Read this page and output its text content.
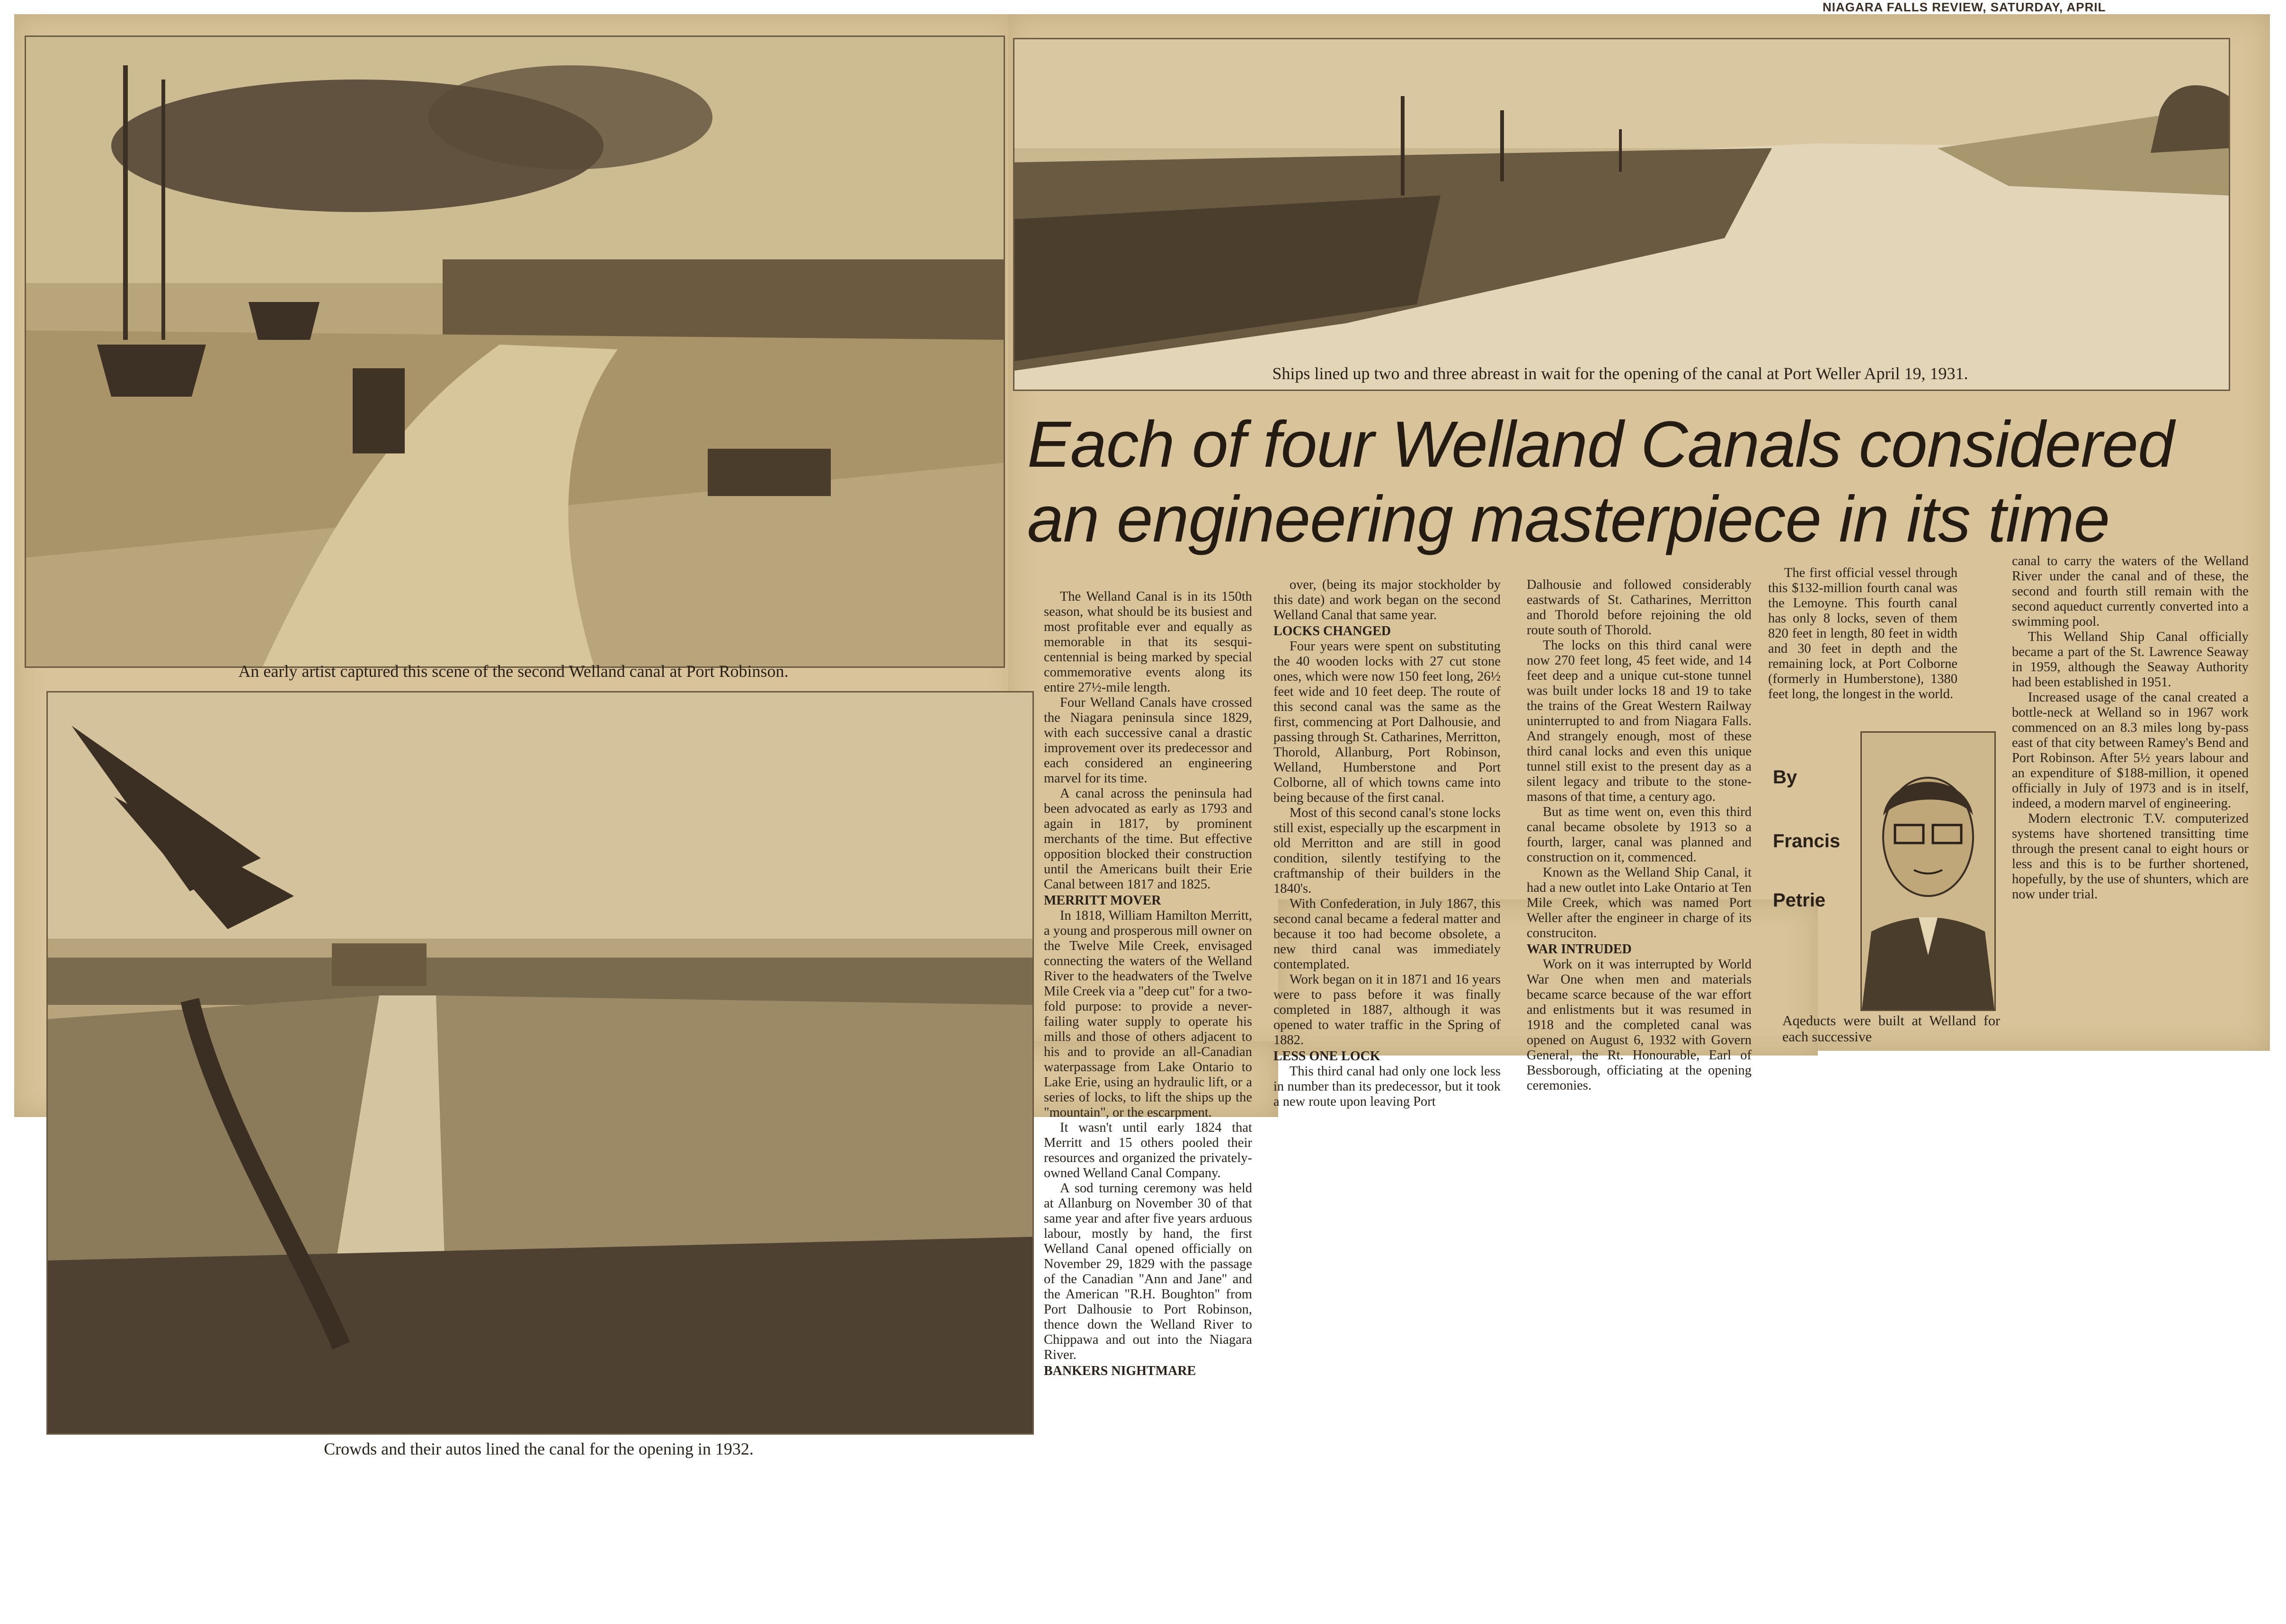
NIAGARA FALLS REVIEW, SATURDAY, APRIL
An early artist captured this scene of the second Welland canal at Port Robinson.
Ships lined up two and three abreast in wait for the opening of the canal at Port Weller April 19, 1931.
Each of four Welland Canals considered
an engineering masterpiece in its time
Crowds and their autos lined the canal for the opening in 1932.

The Welland Canal is in its 150th season, what should be its busiest and most profitable ever and equally as memorable in that its sesqui-centennial is being marked by special commemorative events along its entire 27½-mile length.

Four Welland Canals have crossed the Niagara peninsula since 1829, with each successive canal a drastic improvement over its predecessor and each considered an engineering marvel for its time.

A canal across the peninsula had been advocated as early as 1793 and again in 1817, by prominent merchants of the time. But effective opposition blocked their construction until the Americans built their Erie Canal between 1817 and 1825.

MERRITT MOVER

In 1818, William Hamilton Merritt, a young and prosperous mill owner on the Twelve Mile Creek, envisaged connecting the waters of the Welland River to the headwaters of the Twelve Mile Creek via a "deep cut" for a two-fold purpose: to provide a never-failing water supply to operate his mills and those of others adjacent to his and to provide an all-Canadian waterpassage from Lake Ontario to Lake Erie, using an hydraulic lift, or a series of locks, to lift the ships up the "mountain", or the escarpment.

It wasn't until early 1824 that Merritt and 15 others pooled their resources and organized the privately-owned Welland Canal Company.

A sod turning ceremony was held at Allanburg on November 30 of that same year and after five years arduous labour, mostly by hand, the first Welland Canal opened officially on November 29, 1829 with the passage of the Canadian "Ann and Jane" and the American "R.H. Boughton" from Port Dalhousie to Port Robinson, thence down the Welland River to Chippawa and out into the Niagara River.

BANKERS NIGHTMARE

over, (being its major stockholder by this date) and work began on the second Welland Canal that same year.

LOCKS CHANGED

Four years were spent on substituting the 40 wooden locks with 27 cut stone ones, which were now 150 feet long, 26½ feet wide and 10 feet deep. The route of this second canal was the same as the first, commencing at Port Dalhousie, and passing through St. Catharines, Merritton, Thorold, Allanburg, Port Robinson, Welland, Humberstone and Port Colborne, all of which towns came into being because of the first canal.

Most of this second canal's stone locks still exist, especially up the escarpment in old Merritton and are still in good condition, silently testifying to the craftmanship of their builders in the 1840's.

With Confederation, in July 1867, this second canal became a federal matter and because it too had become obsolete, a new third canal was immediately contemplated.

Work began on it in 1871 and 16 years were to pass before it was finally completed in 1887, although it was opened to water traffic in the Spring of 1882.

LESS ONE LOCK

This third canal had only one lock less in number than its predecessor, but it took a new route upon leaving Port

Dalhousie and followed considerably eastwards of St. Catharines, Merritton and Thorold before rejoining the old route south of Thorold.

The locks on this third canal were now 270 feet long, 45 feet wide, and 14 feet deep and a unique cut-stone tunnel was built under locks 18 and 19 to take the trains of the Great Western Railway uninterrupted to and from Niagara Falls. And strangely enough, most of these third canal locks and even this unique tunnel still exist to the present day as a silent legacy and tribute to the stone-masons of that time, a century ago.

But as time went on, even this third canal became obsolete by 1913 so a fourth, larger, canal was planned and construction on it, commenced.

Known as the Welland Ship Canal, it had a new outlet into Lake Ontario at Ten Mile Creek, which was named Port Weller after the engineer in charge of its construciton.

WAR INTRUDED

Work on it was interrupted by World War One when men and materials became scarce because of the war effort and enlistments but it was resumed in 1918 and the completed canal was opened on August 6, 1932 with Govern General, the Rt. Honourable, Earl of Bessborough, officiating at the opening ceremonies.

The first official vessel through this $132-million fourth canal was the Lemoyne. This fourth canal has only 8 locks, seven of them 820 feet in length, 80 feet in width and 30 feet in depth and the remaining lock, at Port Colborne (formerly in Humberstone), 1380 feet long, the longest in the world.

canal to carry the waters of the Welland River under the canal and of these, the second and fourth still remain with the second aqueduct currently converted into a swimming pool.

This Welland Ship Canal officially became a part of the St. Lawrence Seaway in 1959, although the Seaway Authority had been established in 1951.

Increased usage of the canal created a bottle-neck at Welland so in 1967 work commenced on an 8.3 miles long by-pass east of that city between Ramey's Bend and Port Robinson. After 5½ years labour and an expenditure of $188-million, it opened officially in July of 1973 and is in itself, indeed, a modern marvel of engineering.

Modern electronic T.V. computerized systems have shortened transitting time through the present canal to eight hours or less and this is to be further shortened, hopefully, by the use of shunters, which are now under trial.

By
Francis
Petrie
Aqeducts were built at Welland for each successive
